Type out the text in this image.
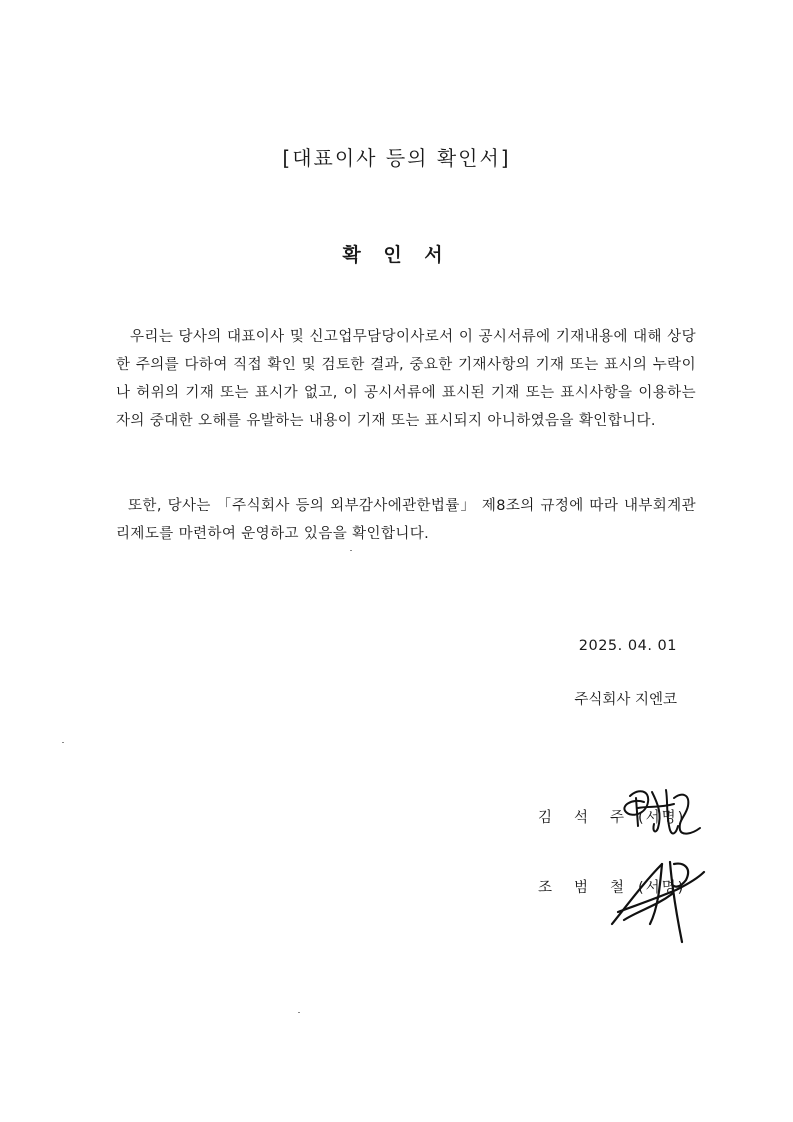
[대표이사 등의 확인서]
확 인 서
우리는 당사의 대표이사 및 신고업무담당이사로서 이 공시서류에 기재내용에 대해 상당한 주의를 다하여 직접 확인 및 검토한 결과, 중요한 기재사항의 기재 또는 표시의 누락이나 허위의 기재 또는 표시가 없고, 이 공시서류에 표시된 기재 또는 표시사항을 이용하는 자의 중대한 오해를 유발하는 내용이 기재 또는 표시되지 아니하였음을 확인합니다.
또한, 당사는 「주식회사 등의 외부감사에관한법률」 제8조의 규정에 따라 내부회계관리제도를 마련하여 운영하고 있음을 확인합니다.
2025. 04. 01
주식회사 지엔코
김석주
(서명)
조범철
(서명)
